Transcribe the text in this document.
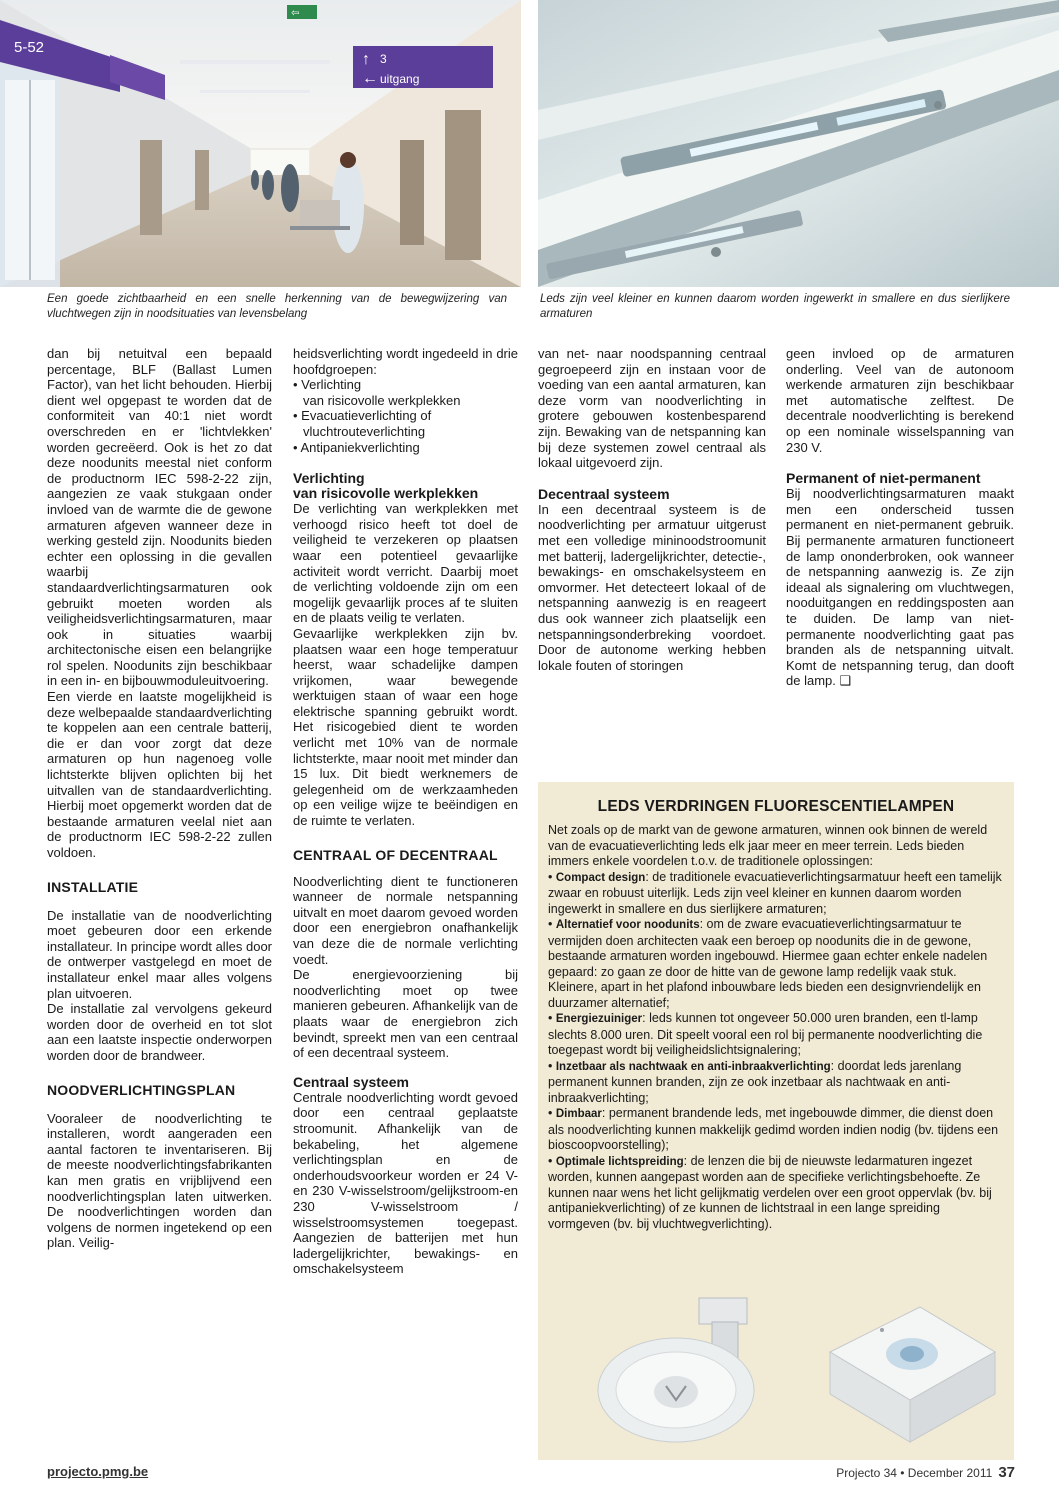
5-52
↑
←
3
uitgang
⇦
Een goede zichtbaarheid en een snelle herkenning van de bewegwijzering van vluchtwegen zijn in noodsituaties van levensbelang
Leds zijn veel kleiner en kunnen daarom worden ingewerkt in smallere en dus sierlijkere armaturen

dan bij netuitval een bepaald percentage, BLF (Ballast Lumen Factor), van het licht behouden. Hierbij dient wel opgepast te worden dat de conformiteit van 40:1 niet wordt overschreden en er 'lichtvlekken' worden gecreëerd. Ook is het zo dat deze noodunits meestal niet conform de productnorm IEC 598-2-22 zijn, aangezien ze vaak stukgaan onder invloed van de warmte die de gewone armaturen afgeven wanneer deze in werking gesteld zijn. Noodunits bieden echter een oplossing in die gevallen waarbij standaardverlichtingsarmaturen ook gebruikt moeten worden als veiligheidsverlichtingsarmaturen, maar ook in situaties waarbij architectonische eisen een belangrijke rol spelen. Noodunits zijn beschikbaar in een in- en bijbouwmoduleuitvoering.

Een vierde en laatste mogelijkheid is deze welbepaalde standaardverlichting te koppelen aan een centrale batterij, die er dan voor zorgt dat deze armaturen op hun nagenoeg volle lichtsterkte blijven oplichten bij het uitvallen van de standaardverlichting. Hierbij moet opgemerkt worden dat de bestaande armaturen veelal niet aan de productnorm IEC 598-2-22 zullen voldoen.

INSTALLATIE

De installatie van de noodverlichting moet gebeuren door een erkende installateur. In principe wordt alles door de ontwerper vastgelegd en moet de installateur enkel maar alles volgens plan uitvoeren.

De installatie zal vervolgens gekeurd worden door de overheid en tot slot aan een laatste inspectie onderworpen worden door de brandweer.

NOODVERLICHTINGSPLAN

Vooraleer de noodverlichting te installeren, wordt aangeraden een aantal factoren te inventariseren. Bij de meeste noodverlichtingsfabrikanten kan men gratis en vrijblijvend een noodverlichtingsplan laten uitwerken. De noodverlichtingen worden dan volgens de normen ingetekend op een plan. Veilig-

heidsverlichting wordt ingedeeld in drie hoofdgroepen:

• Verlichting
van risicovolle werkplekken
• Evacuatieverlichting of
vluchtrouteverlichting
• Antipaniekverlichting

Verlichting

van risicovolle werkplekken

De verlichting van werkplekken met verhoogd risico heeft tot doel de veiligheid te verzekeren op plaatsen waar een potentieel gevaarlijke activiteit wordt verricht. Daarbij moet de verlichting voldoende zijn om een mogelijk gevaarlijk proces af te sluiten en de plaats veilig te verlaten.

Gevaarlijke werkplekken zijn bv. plaatsen waar een hoge temperatuur heerst, waar schadelijke dampen vrijkomen, waar bewegende werktuigen staan of waar een hoge elektrische spanning gebruikt wordt. Het risicogebied dient te worden verlicht met 10% van de normale lichtsterkte, maar nooit met minder dan 15 lux. Dit biedt werknemers de gelegenheid om de werkzaamheden op een veilige wijze te beëindigen en de ruimte te verlaten.

CENTRAAL OF DECENTRAAL

Noodverlichting dient te functioneren wanneer de normale netspanning uitvalt en moet daarom gevoed worden door een energiebron onafhankelijk van deze die de normale verlichting voedt.

De energievoorziening bij noodverlichting moet op twee manieren gebeuren. Afhankelijk van de plaats waar de energiebron zich bevindt, spreekt men van een centraal of een decentraal systeem.

Centraal systeem

Centrale noodverlichting wordt gevoed door een centraal geplaatste stroomunit. Afhankelijk van de bekabeling, het algemene verlichtingsplan en de onderhoudsvoorkeur worden er 24 V- en 230 V-wisselstroom/gelijkstroom-en 230 V-wisselstroom / wisselstroomsystemen toegepast. Aangezien de batterijen met hun ladergelijkrichter, bewakings- en omschakelsysteem

van net- naar noodspanning centraal gegroepeerd zijn en instaan voor de voeding van een aantal armaturen, kan deze vorm van noodverlichting in grotere gebouwen kostenbesparend zijn. Bewaking van de netspanning kan bij deze systemen zowel centraal als lokaal uitgevoerd zijn.

Decentraal systeem

In een decentraal systeem is de noodverlichting per armatuur uitgerust met een volledige mininoodstroomunit met batterij, ladergelijkrichter, detectie-, bewakings- en omschakelsysteem en omvormer. Het detecteert lokaal of de netspanning aanwezig is en reageert dus ook wanneer zich plaatselijk een netspanningsonderbreking voordoet. Door de autonome werking hebben lokale fouten of storingen

geen invloed op de armaturen onderling. Veel van de autonoom werkende armaturen zijn beschikbaar met automatische zelftest. De decentrale noodverlichting is berekend op een nominale wisselspanning van 230 V.

Permanent of niet-permanent

Bij noodverlichtingsarmaturen maakt men een onderscheid tussen permanent en niet-permanent gebruik. Bij permanente armaturen functioneert de lamp ononderbroken, ook wanneer de netspanning aanwezig is. Ze zijn ideaal als signalering om vluchtwegen, nooduitgangen en reddingsposten aan te duiden. De lamp van niet-permanente noodverlichting gaat pas branden als de netspanning uitvalt. Komt de netspanning terug, dan dooft de lamp. ❑

LEDS VERDRINGEN FLUORESCENTIELAMPEN

Net zoals op de markt van de gewone armaturen, winnen ook binnen de wereld van de evacuatieverlichting leds elk jaar meer en meer terrein. Leds bieden immers enkele voordelen t.o.v. de traditionele oplossingen:

• Compact design: de traditionele evacuatieverlichtingsarmatuur heeft een tamelijk zwaar en robuust uiterlijk. Leds zijn veel kleiner en kunnen daarom worden ingewerkt in smallere en dus sierlijkere armaturen;
• Alternatief voor noodunits: om de zware evacuatieverlichtingsarmatuur te vermijden doen architecten vaak een beroep op noodunits die in de gewone, bestaande armaturen worden ingebouwd. Hiermee gaan echter enkele nadelen gepaard: zo gaan ze door de hitte van de gewone lamp redelijk vaak stuk. Kleinere, apart in het plafond inbouwbare leds bieden een designvriendelijk en duurzamer alternatief;
• Energiezuiniger: leds kunnen tot ongeveer 50.000 uren branden, een tl-lamp slechts 8.000 uren. Dit speelt vooral een rol bij permanente noodverlichting die toegepast wordt bij veiligheidslichtsignalering;
• Inzetbaar als nachtwaak en anti-inbraakverlichting: doordat leds jarenlang permanent kunnen branden, zijn ze ook inzetbaar als nachtwaak en anti-inbraakverlichting;
• Dimbaar: permanent brandende leds, met ingebouwde dimmer, die dienst doen als noodverlichting kunnen makkelijk gedimd worden indien nodig (bv. tijdens een bioscoopvoorstelling);
• Optimale lichtspreiding: de lenzen die bij de nieuwste ledarmaturen ingezet worden, kunnen aangepast worden aan de specifieke verlichtingsbehoefte. Ze kunnen naar wens het licht gelijkmatig verdelen over een groot oppervlak (bv. bij antipaniekverlichting) of ze kunnen de lichtstraal in een lange spreiding vormgeven (bv. bij vluchtwegverlichting).
projecto.pmg.be	Projecto 34 • December 2011 37
